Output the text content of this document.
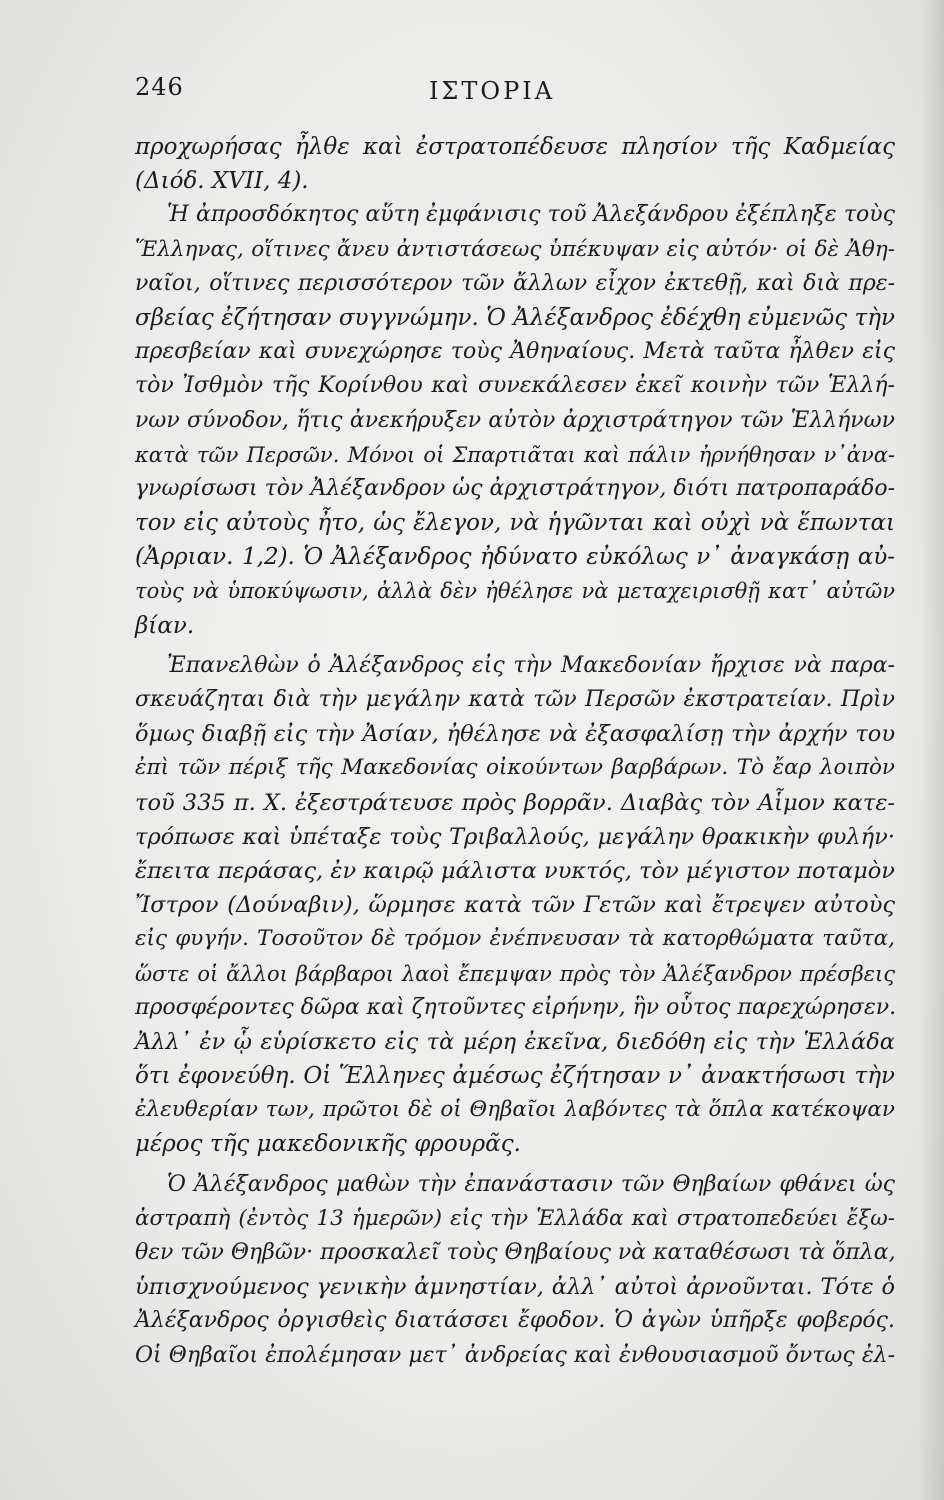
246	ΙΣΤΟΡΙΑ
προχωρήσας ἦλθε καὶ ἐστρατοπέδευσε πλησίον τῆς Καδμείας
(Διόδ. XVII, 4).
Ἡ ἀπροσδόκητος αὕτη ἐμφάνισις τοῦ Ἀλεξάνδρου ἐξέπληξε τοὺς
Ἕλληνας, οἵτινες ἄνευ ἀντιστάσεως ὑπέκυψαν εἰς αὐτόν· οἱ δὲ Ἀθη-
ναῖοι, οἵτινες περισσότερον τῶν ἄλλων εἶχον ἐκτεθῇ, καὶ διὰ πρε-
σβείας ἐζήτησαν συγγνώμην. Ὁ Ἀλέξανδρος ἐδέχθη εὐμενῶς τὴν
πρεσβείαν καὶ συνεχώρησε τοὺς Ἀθηναίους. Μετὰ ταῦτα ἦλθεν εἰς
τὸν Ἰσθμὸν τῆς Κορίνθου καὶ συνεκάλεσεν ἐκεῖ κοινὴν τῶν Ἑλλή-
νων σύνοδον, ἥτις ἀνεκήρυξεν αὐτὸν ἀρχιστράτηγον τῶν Ἑλλήνων
κατὰ τῶν Περσῶν. Μόνοι οἱ Σπαρτιᾶται καὶ πάλιν ἠρνήθησαν ν᾿ἀνα-
γνωρίσωσι τὸν Ἀλέξανδρον ὡς ἀρχιστράτηγον, διότι πατροπαράδο-
τον εἰς αὐτοὺς ἦτο, ὡς ἔλεγον, νὰ ἡγῶνται καὶ οὐχὶ νὰ ἕπωνται
(Ἀρριαν. 1,2). Ὁ Ἀλέξανδρος ἠδύνατο εὐκόλως ν᾿ ἀναγκάσῃ αὐ-
τοὺς νὰ ὑποκύψωσιν, ἀλλὰ δὲν ἠθέλησε νὰ μεταχειρισθῇ κατ᾿ αὐτῶν
βίαν.
Ἐπανελθὼν ὁ Ἀλέξανδρος εἰς τὴν Μακεδονίαν ἤρχισε νὰ παρα-
σκευάζηται διὰ τὴν μεγάλην κατὰ τῶν Περσῶν ἐκστρατείαν. Πρὶν
ὅμως διαβῇ εἰς τὴν Ἀσίαν, ἠθέλησε νὰ ἐξασφαλίσῃ τὴν ἀρχήν του
ἐπὶ τῶν πέριξ τῆς Μακεδονίας οἰκούντων βαρβάρων. Τὸ ἔαρ λοιπὸν
τοῦ 335 π. Χ. ἐξεστράτευσε πρὸς βορρᾶν. Διαβὰς τὸν Αἷμον κατε-
τρόπωσε καὶ ὑπέταξε τοὺς Τριβαλλούς, μεγάλην θρακικὴν φυλήν·
ἔπειτα περάσας, ἐν καιρῷ μάλιστα νυκτός, τὸν μέγιστον ποταμὸν
Ἴστρον (Δούναβιν), ὥρμησε κατὰ τῶν Γετῶν καὶ ἔτρεψεν αὐτοὺς
εἰς φυγήν. Τοσοῦτον δὲ τρόμον ἐνέπνευσαν τὰ κατορθώματα ταῦτα,
ὥστε οἱ ἄλλοι βάρβαροι λαοὶ ἔπεμψαν πρὸς τὸν Ἀλέξανδρον πρέσβεις
προσφέροντες δῶρα καὶ ζητοῦντες εἰρήνην, ἣν οὗτος παρεχώρησεν.
Ἀλλ᾿ ἐν ᾧ εὑρίσκετο εἰς τὰ μέρη ἐκεῖνα, διεδόθη εἰς τὴν Ἑλλάδα
ὅτι ἐφονεύθη. Οἱ Ἕλληνες ἀμέσως ἐζήτησαν ν᾿ ἀνακτήσωσι τὴν
ἐλευθερίαν των, πρῶτοι δὲ οἱ Θηβαῖοι λαβόντες τὰ ὅπλα κατέκοψαν
μέρος τῆς μακεδονικῆς φρουρᾶς.
Ὁ Ἀλέξανδρος μαθὼν τὴν ἐπανάστασιν τῶν Θηβαίων φθάνει ὡς
ἀστραπὴ (ἐντὸς 13 ἡμερῶν) εἰς τὴν Ἑλλάδα καὶ στρατοπεδεύει ἔξω-
θεν τῶν Θηβῶν· προσκαλεῖ τοὺς Θηβαίους νὰ καταθέσωσι τὰ ὅπλα,
ὑπισχνούμενος γενικὴν ἀμνηστίαν, ἀλλ᾿ αὐτοὶ ἀρνοῦνται. Τότε ὁ
Ἀλέξανδρος ὀργισθεὶς διατάσσει ἔφοδον. Ὁ ἀγὼν ὑπῆρξε φοβερός.
Οἱ Θηβαῖοι ἐπολέμησαν μετ᾿ ἀνδρείας καὶ ἐνθουσιασμοῦ ὄντως ἐλ-
